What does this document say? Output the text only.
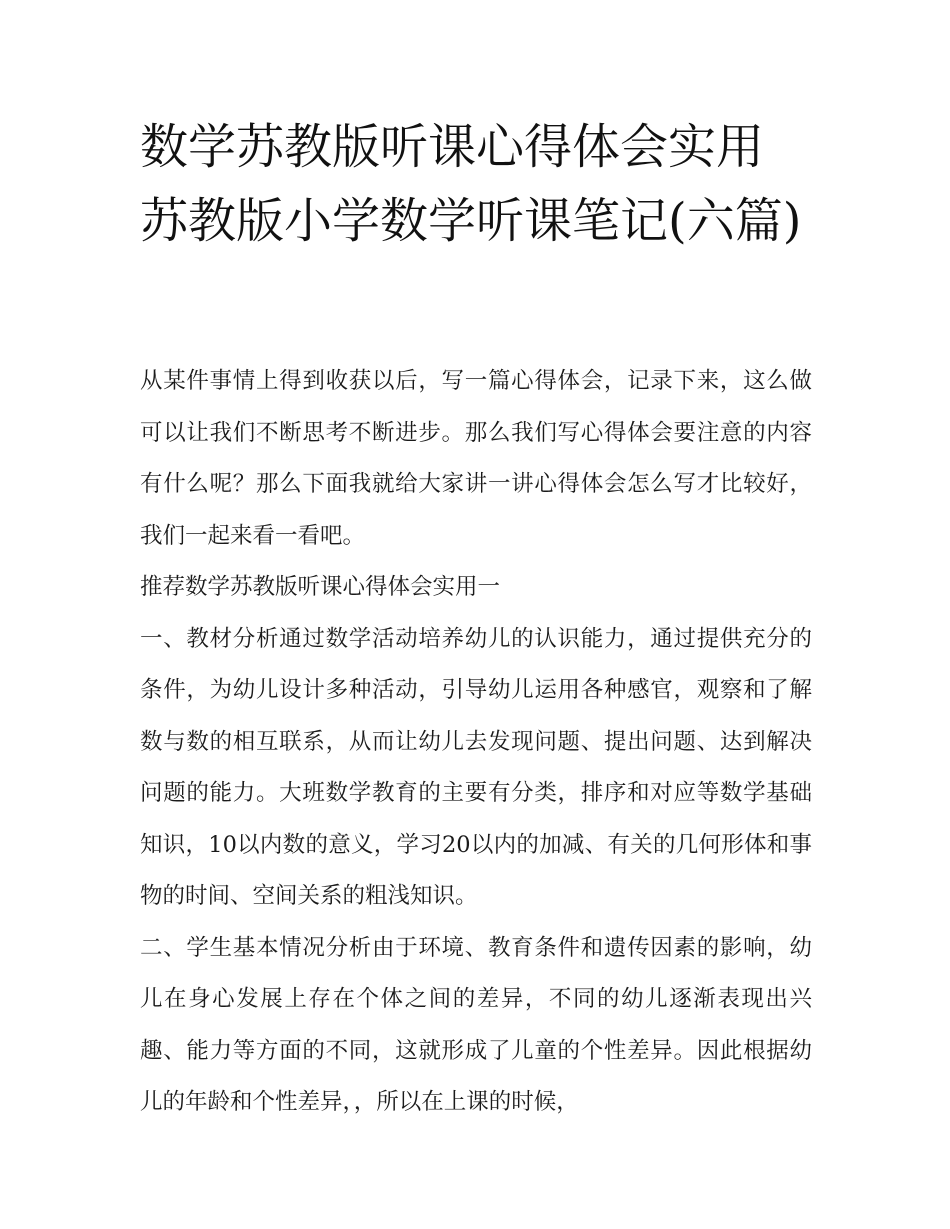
数学苏教版听课心得体会实用苏教版小学数学听课笔记(六篇)

从某件事情上得到收获以后，写一篇心得体会，记录下来，这么做可以让我们不断思考不断进步。那么我们写心得体会要注意的内容有什么呢？那么下面我就给大家讲一讲心得体会怎么写才比较好，我们一起来看一看吧。

推荐数学苏教版听课心得体会实用一

一、教材分析通过数学活动培养幼儿的认识能力，通过提供充分的条件，为幼儿设计多种活动，引导幼儿运用各种感官，观察和了解数与数的相互联系，从而让幼儿去发现问题、提出问题、达到解决问题的能力。大班数学教育的主要有分类，排序和对应等数学基础知识，10以内数的意义，学习20以内的加减、有关的几何形体和事物的时间、空间关系的粗浅知识。

二、学生基本情况分析由于环境、教育条件和遗传因素的影响，幼儿在身心发展上存在个体之间的差异，不同的幼儿逐渐表现出兴趣、能力等方面的不同，这就形成了儿童的个性差异。因此根据幼儿的年龄和个性差异，，所以在上课的时候，
